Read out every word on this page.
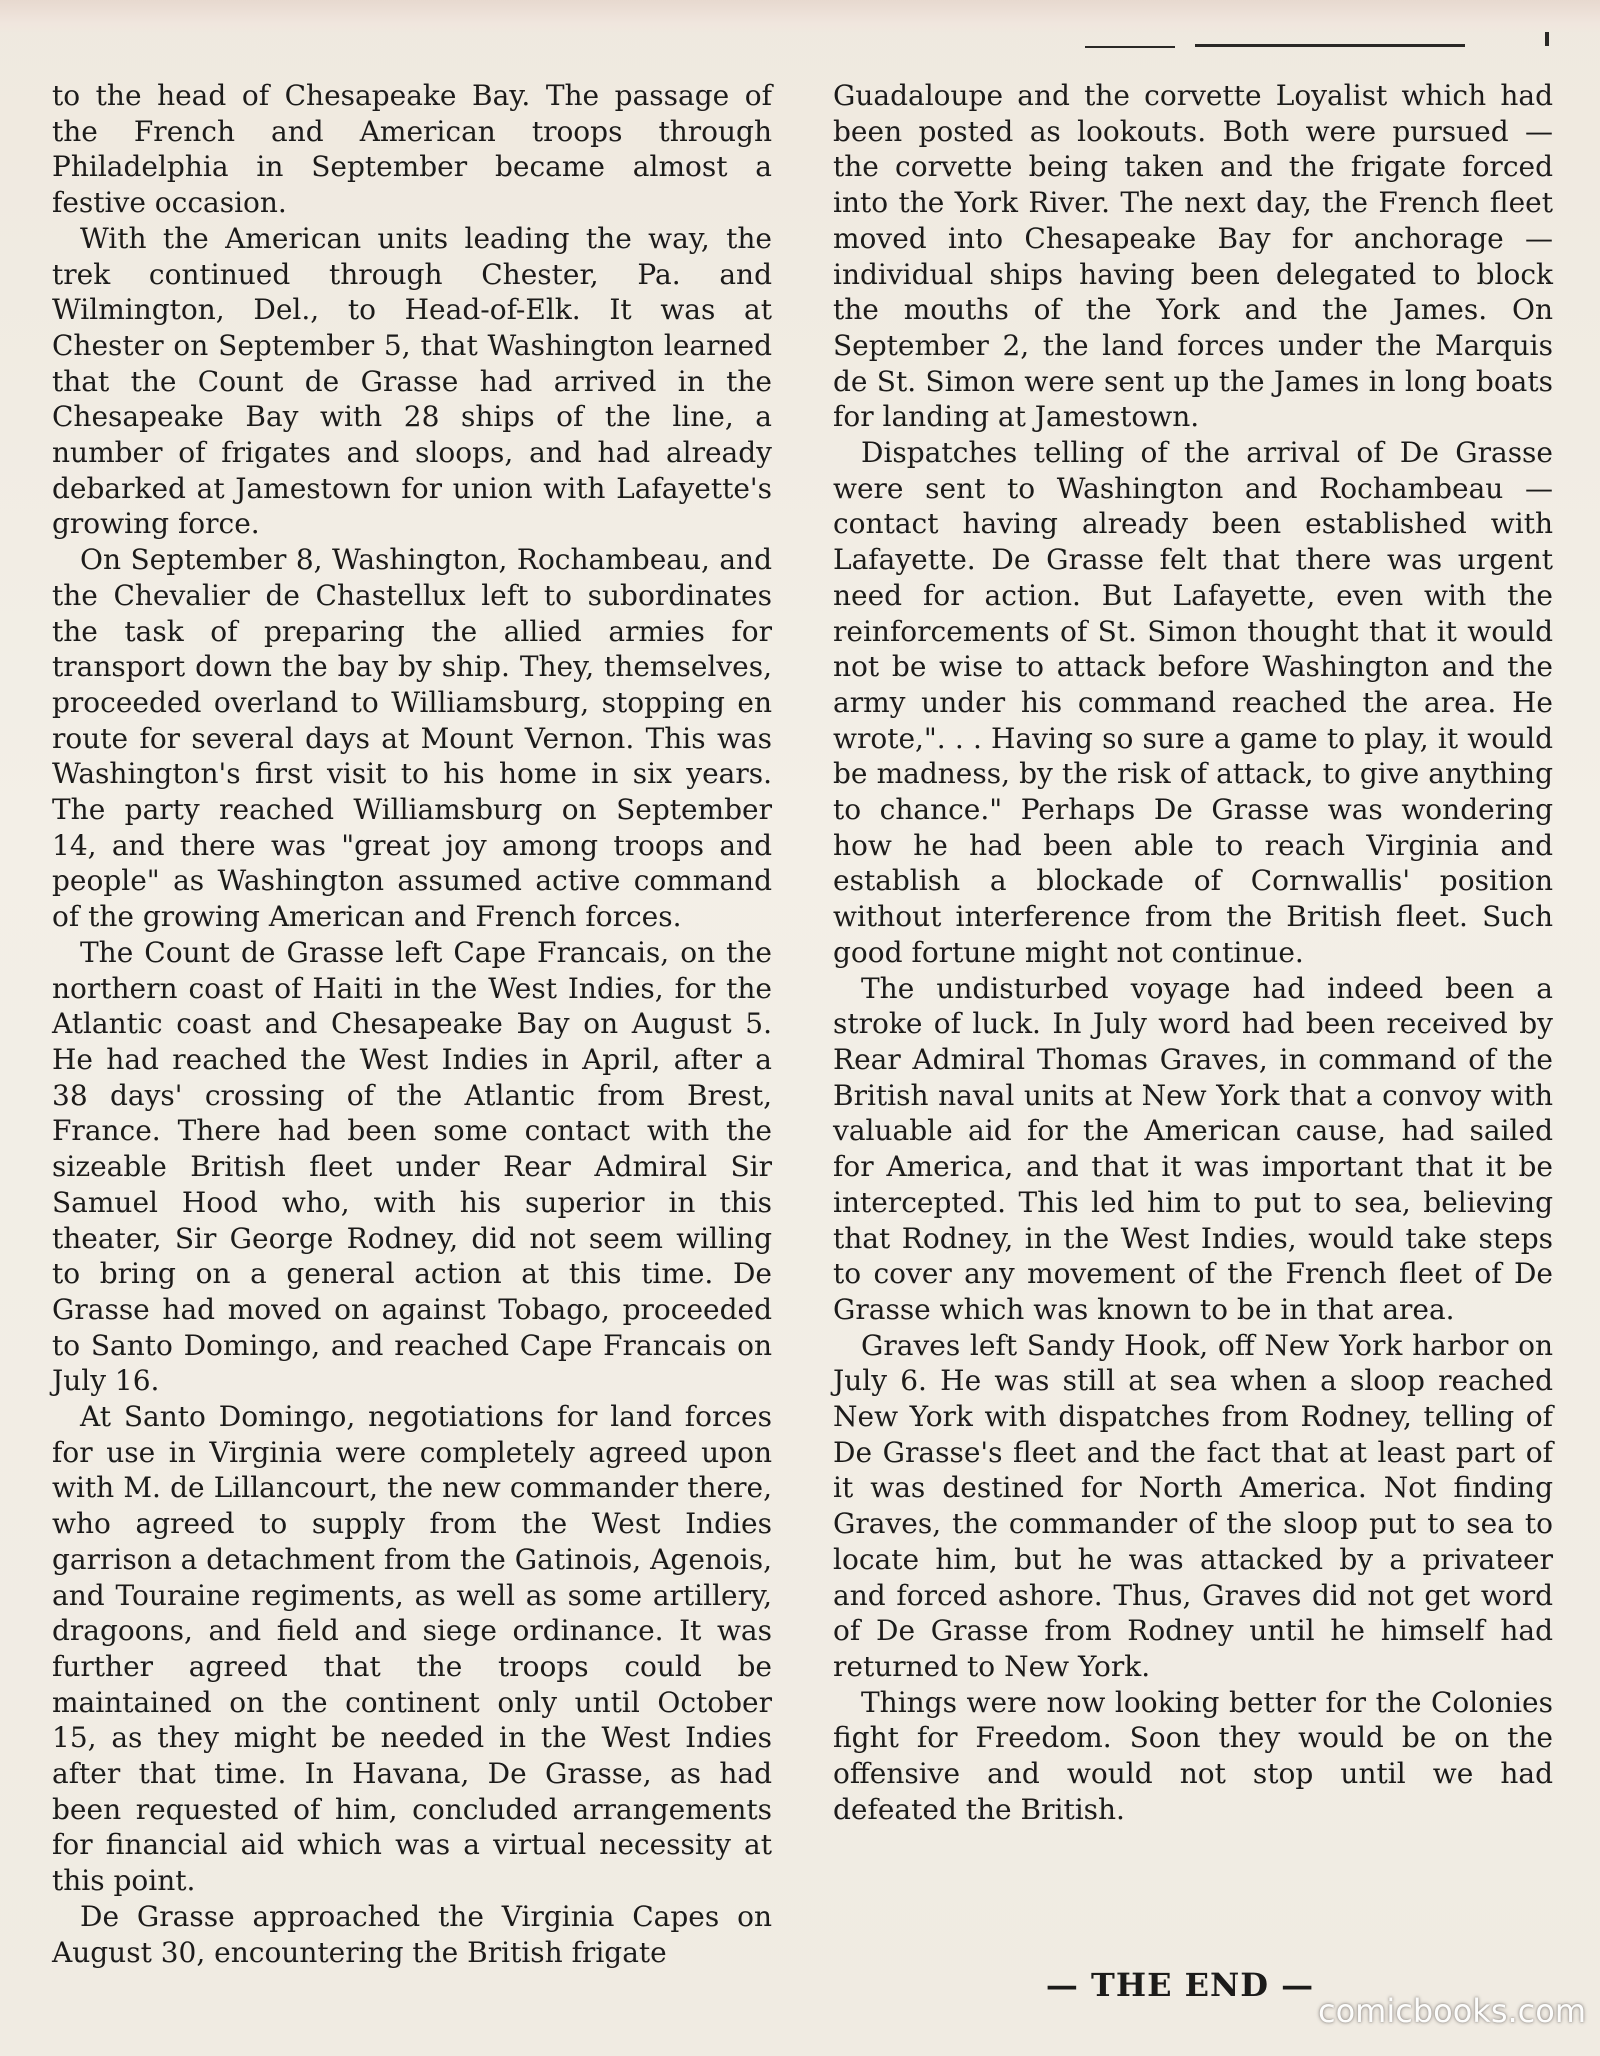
to the head of Chesapeake Bay. The passage of the French and American troops through Philadelphia in September became almost a festive occasion.

With the American units leading the way, the trek continued through Chester, Pa. and Wilmington, Del., to Head-of-Elk. It was at Chester on September 5, that Washington learned that the Count de Grasse had arrived in the Chesapeake Bay with 28 ships of the line, a number of frigates and sloops, and had already debarked at Jamestown for union with Lafayette's growing force.

On September 8, Washington, Rochambeau, and the Chevalier de Chastellux left to subordinates the task of preparing the allied armies for transport down the bay by ship. They, themselves, proceeded overland to Williamsburg, stopping en route for several days at Mount Vernon. This was Washington's first visit to his home in six years. The party reached Williamsburg on September 14, and there was "great joy among troops and people" as Washington assumed active command of the growing American and French forces.

The Count de Grasse left Cape Francais, on the northern coast of Haiti in the West Indies, for the Atlantic coast and Chesapeake Bay on August 5. He had reached the West Indies in April, after a 38 days' crossing of the Atlantic from Brest, France. There had been some contact with the sizeable British fleet under Rear Admiral Sir Samuel Hood who, with his superior in this theater, Sir George Rodney, did not seem willing to bring on a general action at this time. De Grasse had moved on against Tobago, proceeded to Santo Domingo, and reached Cape Francais on July 16.

At Santo Domingo, negotiations for land forces for use in Virginia were completely agreed upon with M. de Lillancourt, the new commander there, who agreed to supply from the West Indies garrison a detachment from the Gatinois, Agenois, and Touraine regiments, as well as some artillery, dragoons, and field and siege ordinance. It was further agreed that the troops could be maintained on the continent only until October 15, as they might be needed in the West Indies after that time. In Havana, De Grasse, as had been requested of him, concluded arrangements for financial aid which was a virtual necessity at this point.

De Grasse approached the Virginia Capes on August 30, encountering the British frigate

Guadaloupe and the corvette Loyalist which had been posted as lookouts. Both were pursued — the corvette being taken and the frigate forced into the York River. The next day, the French fleet moved into Chesapeake Bay for anchorage — individual ships having been delegated to block the mouths of the York and the James. On September 2, the land forces under the Marquis de St. Simon were sent up the James in long boats for landing at Jamestown.

Dispatches telling of the arrival of De Grasse were sent to Washington and Rochambeau — contact having already been established with Lafayette. De Grasse felt that there was urgent need for action. But Lafayette, even with the reinforcements of St. Simon thought that it would not be wise to attack before Washington and the army under his command reached the area. He wrote,". . . Having so sure a game to play, it would be madness, by the risk of attack, to give anything to chance." Perhaps De Grasse was wondering how he had been able to reach Virginia and establish a blockade of Cornwallis' position without interference from the British fleet. Such good fortune might not continue.

The undisturbed voyage had indeed been a stroke of luck. In July word had been received by Rear Admiral Thomas Graves, in command of the British naval units at New York that a convoy with valuable aid for the American cause, had sailed for America, and that it was important that it be intercepted. This led him to put to sea, believing that Rodney, in the West Indies, would take steps to cover any movement of the French fleet of De Grasse which was known to be in that area.

Graves left Sandy Hook, off New York harbor on July 6. He was still at sea when a sloop reached New York with dispatches from Rodney, telling of De Grasse's fleet and the fact that at least part of it was destined for North America. Not finding Graves, the commander of the sloop put to sea to locate him, but he was attacked by a privateer and forced ashore. Thus, Graves did not get word of De Grasse from Rodney until he himself had returned to New York.

Things were now looking better for the Colonies fight for Freedom. Soon they would be on the offensive and would not stop until we had defeated the British.

— THE END —
comicbooks.com
